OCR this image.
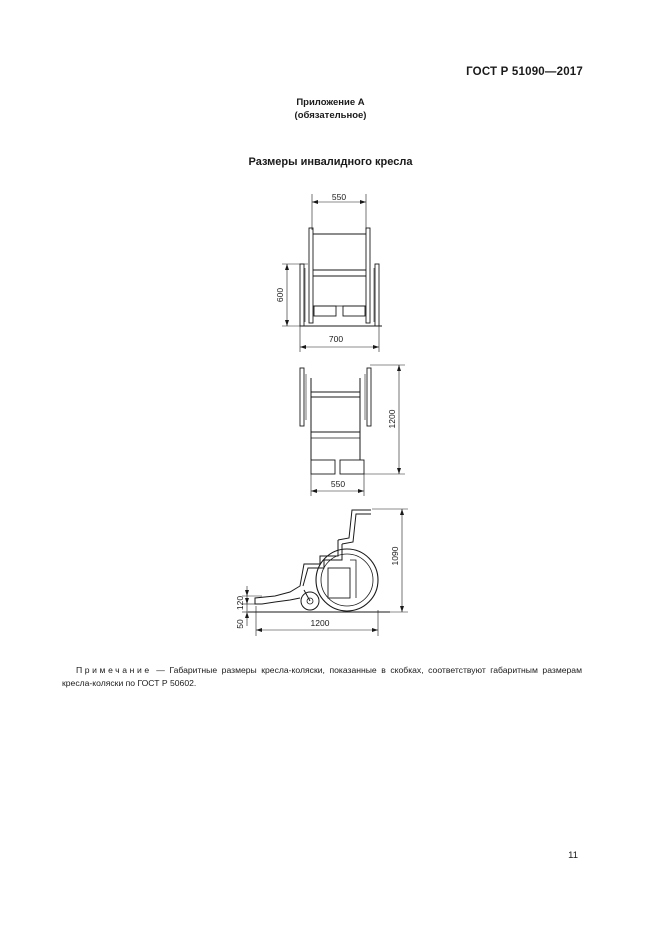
ГОСТ Р 51090—2017
Приложение А
(обязательное)
Размеры инвалидного кресла
550
600
700
1200
550
1090
120
50	1200
Примечание — Габаритные размеры кресла-коляски, показанные в скобках, соответствуют габаритным размерам кресла-коляски по ГОСТ Р 50602.
11
